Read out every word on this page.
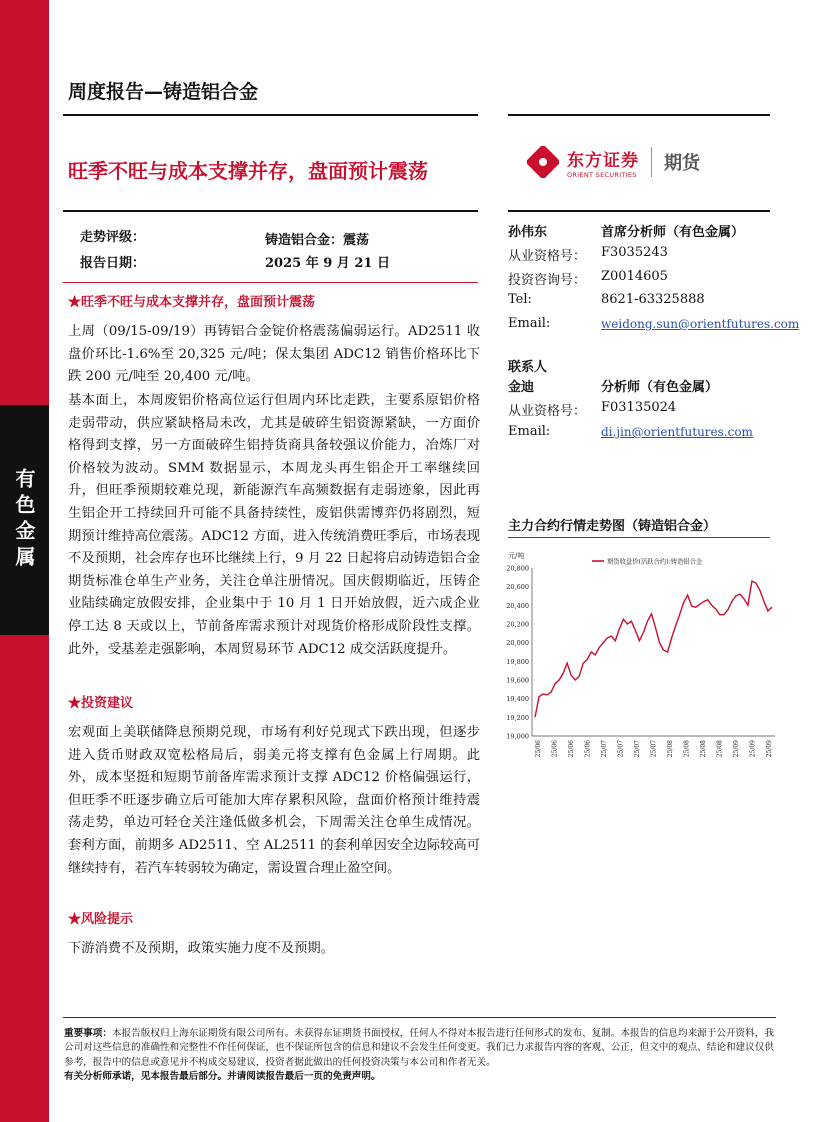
有色金属
周度报告—铸造铝合金
旺季不旺与成本支撑并存，盘面预计震荡	东方证券
ORIENT SECURITIES
期货
走势评级：	铸造铝合金：震荡
报告日期：	2025 年 9 月 21 日
★旺季不旺与成本支撑并存，盘面预计震荡
上周（09/15-09/19）再铸铝合金锭价格震荡偏弱运行。AD2511 收盘价环比-1.6%至 20,325 元/吨；保太集团 ADC12 销售价格环比下跌 200 元/吨至 20,400 元/吨。
基本面上，本周废铝价格高位运行但周内环比走跌，主要系原铝价格走弱带动，供应紧缺格局未改，尤其是破碎生铝资源紧缺，一方面价格得到支撑，另一方面破碎生铝持货商具备较强议价能力，冶炼厂对价格较为波动。SMM 数据显示，本周龙头再生铝企开工率继续回升，但旺季预期较难兑现，新能源汽车高频数据有走弱迹象，因此再生铝企开工持续回升可能不具备持续性，废铝供需博弈仍将剧烈，短期预计维持高位震荡。ADC12 方面，进入传统消费旺季后，市场表现不及预期，社会库存也环比继续上行，9 月 22 日起将启动铸造铝合金期货标准仓单生产业务，关注仓单注册情况。国庆假期临近，压铸企业陆续确定放假安排，企业集中于 10 月 1 日开始放假，近六成企业停工达 8 天或以上，节前备库需求预计对现货价格形成阶段性支撑。此外，受基差走强影响，本周贸易环节 ADC12 成交活跃度提升。
★投资建议
宏观面上美联储降息预期兑现，市场有利好兑现式下跌出现，但逐步进入货币财政双宽松格局后，弱美元将支撑有色金属上行周期。此外，成本坚挺和短期节前备库需求预计支撑 ADC12 价格偏强运行，但旺季不旺逐步确立后可能加大库存累积风险，盘面价格预计维持震荡走势，单边可轻仓关注逢低做多机会，下周需关注仓单生成情况。套利方面，前期多 AD2511、空 AL2511 的套利单因安全边际较高可继续持有，若汽车转弱较为确定，需设置合理止盈空间。
★风险提示
下游消费不及预期，政策实施力度不及预期。
孙伟东	首席分析师（有色金属）
从业资格号： F3035243
投资咨询号： Z0014605
Tel:	8621-63325888
Email:	weidong.sun@orientfutures.com
联系人
金迪	分析师（有色金属）
从业资格号： F03135024
Email:	di.jin@orientfutures.com
主力合约行情走势图（铸造铝合金）
元/吨
19,000
19,200
19,400
19,600
19,800
20,000
20,200
20,400
20,600
20,800
25/06 25/06 25/06 25/06 25/07 25/07 25/07 25/07 25/08 25/08 25/08 25/08 25/09 25/09 25/09
期货收盘价(活跃合约):铸造铝合金
重要事项：本报告版权归上海东证期货有限公司所有。未获得东证期货书面授权，任何人不得对本报告进行任何形式的发布、复制。本报告的信息均来源于公开资料，我公司对这些信息的准确性和完整性不作任何保证，也不保证所包含的信息和建议不会发生任何变更。我们已力求报告内容的客观、公正，但文中的观点、结论和建议仅供参考，报告中的信息或意见并不构成交易建议，投资者据此做出的任何投资决策与本公司和作者无关。
有关分析师承诺，见本报告最后部分。并请阅读报告最后一页的免责声明。
